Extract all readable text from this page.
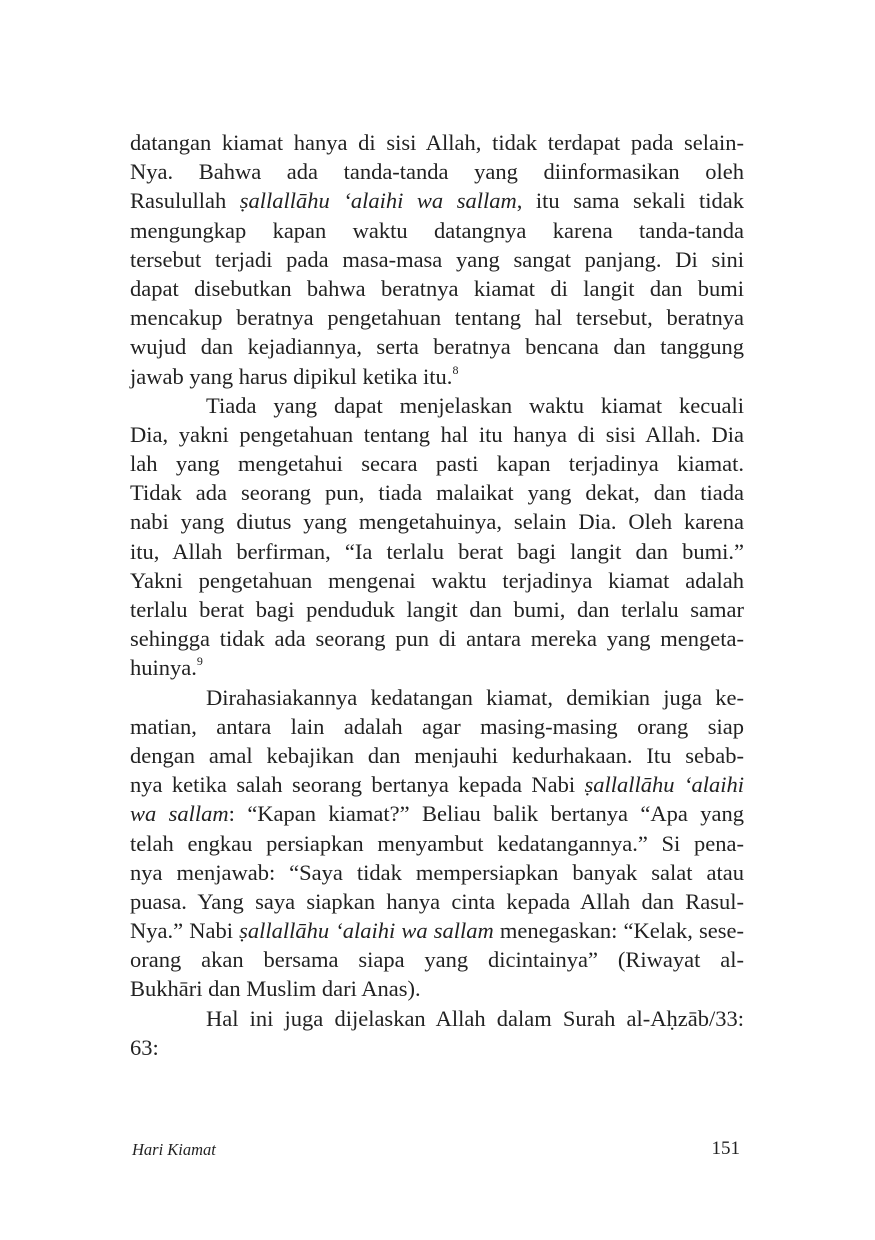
datangan kiamat hanya di sisi Allah, tidak terdapat pada selain-
Nya. Bahwa ada tanda-tanda yang diinformasikan oleh
Rasulullah ṣallallāhu ‘alaihi wa sallam, itu sama sekali tidak
mengungkap kapan waktu datangnya karena tanda-tanda
tersebut terjadi pada masa-masa yang sangat panjang. Di sini
dapat disebutkan bahwa beratnya kiamat di langit dan bumi
mencakup beratnya pengetahuan tentang hal tersebut, beratnya
wujud dan kejadiannya, serta beratnya bencana dan tanggung
jawab yang harus dipikul ketika itu.$^8$
Tiada yang dapat menjelaskan waktu kiamat kecuali
Dia, yakni pengetahuan tentang hal itu hanya di sisi Allah. Dia
lah yang mengetahui secara pasti kapan terjadinya kiamat.
Tidak ada seorang pun, tiada malaikat yang dekat, dan tiada
nabi yang diutus yang mengetahuinya, selain Dia. Oleh karena
itu, Allah berfirman, “Ia terlalu berat bagi langit dan bumi.”
Yakni pengetahuan mengenai waktu terjadinya kiamat adalah
terlalu berat bagi penduduk langit dan bumi, dan terlalu samar
sehingga tidak ada seorang pun di antara mereka yang mengeta-
huinya.$^9$
Dirahasiakannya kedatangan kiamat, demikian juga ke-
matian, antara lain adalah agar masing-masing orang siap
dengan amal kebajikan dan menjauhi kedurhakaan. Itu sebab-
nya ketika salah seorang bertanya kepada Nabi ṣallallāhu ‘alaihi
wa sallam: “Kapan kiamat?” Beliau balik bertanya “Apa yang
telah engkau persiapkan menyambut kedatangannya.” Si pena-
nya menjawab: “Saya tidak mempersiapkan banyak salat atau
puasa. Yang saya siapkan hanya cinta kepada Allah dan Rasul-
Nya.” Nabi ṣallallāhu ‘alaihi wa sallam menegaskan: “Kelak, sese-
orang akan bersama siapa yang dicintainya” (Riwayat al-
Bukhāri dan Muslim dari Anas).
Hal ini juga dijelaskan Allah dalam Surah al-Aḥzāb/33:
63:
Hari Kiamat	151
